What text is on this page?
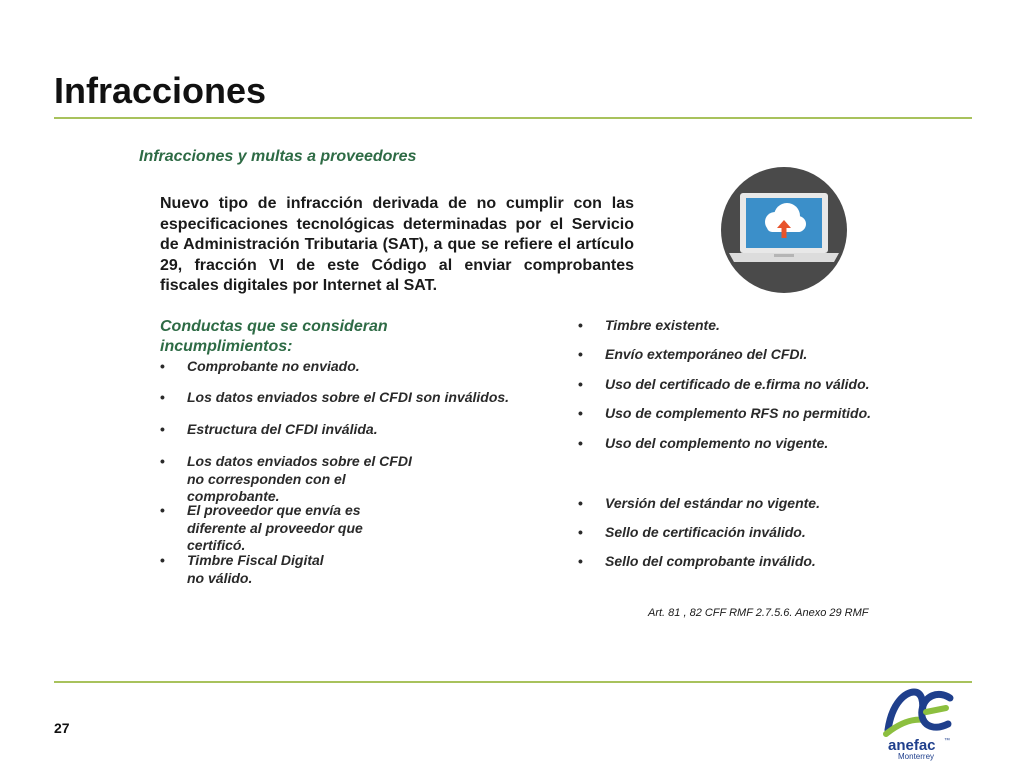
Infracciones
Infracciones y multas a proveedores
Nuevo tipo de infracción derivada de no cumplir con las especificaciones tecnológicas determinadas por el Servicio de Administración Tributaria (SAT), a que se refiere el artículo 29, fracción VI de este Código al enviar comprobantes fiscales digitales por Internet al SAT.
Conductas que se consideran
incumplimientos:
• Comprobante no enviado.
• Los datos enviados sobre el CFDI son inválidos.
• Estructura del CFDI inválida.
• Los datos enviados sobre el CFDI
no corresponden con el
comprobante.
• El proveedor que envía es
diferente al proveedor que
certificó.
• Timbre Fiscal Digital
no válido.
• Timbre existente.
• Envío extemporáneo del CFDI.
• Uso del certificado de e.firma no válido.
• Uso de complemento RFS no permitido.
• Uso del complemento no vigente.
• Versión del estándar no vigente.
• Sello de certificación inválido.
• Sello del comprobante inválido.
Art. 81 , 82 CFF RMF 2.7.5.6. Anexo 29 RMF
27
anefac ™
Monterrey
